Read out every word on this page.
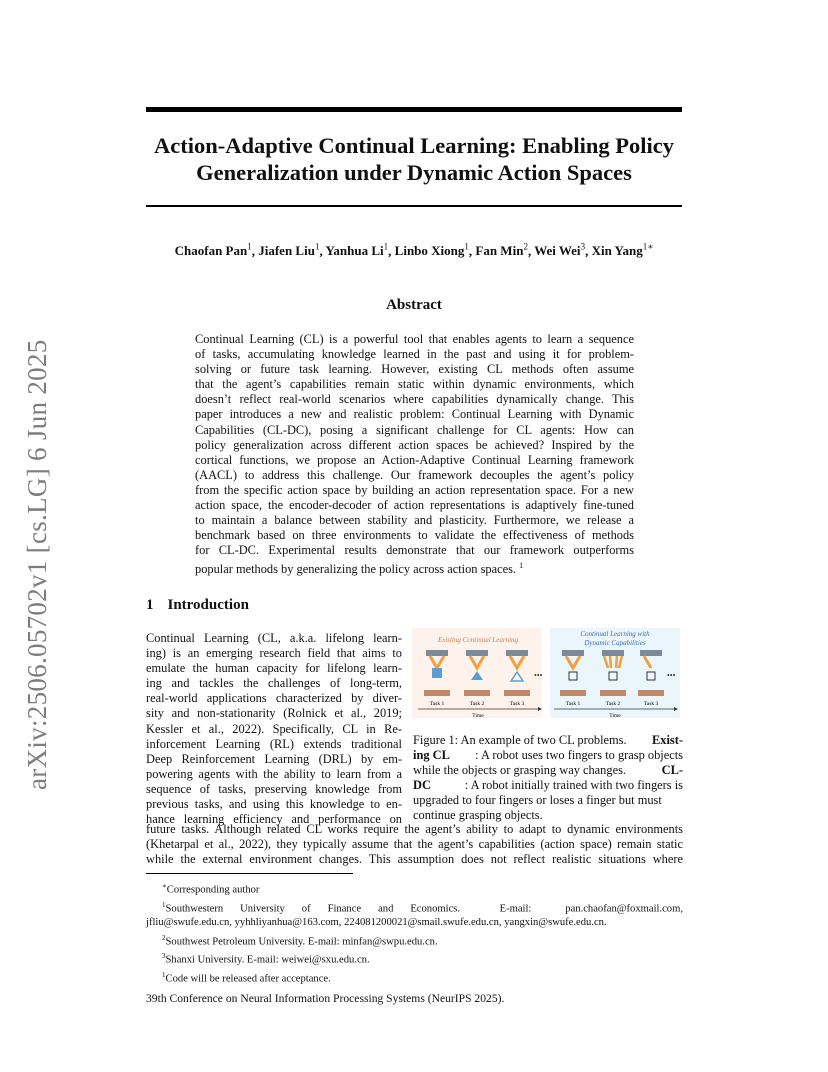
arXiv:2506.05702v1 [cs.LG] 6 Jun 2025
Action-Adaptive Continual Learning: Enabling Policy
Generalization under Dynamic Action Spaces
Chaofan Pan$^1$, Jiafen Liu$^1$, Yanhua Li$^1$, Linbo Xiong$^1$, Fan Min$^2$, Wei Wei$^3$, Xin Yang$^{1∗}$
Abstract
Continual Learning (CL) is a powerful tool that enables agents to learn a sequence
of tasks, accumulating knowledge learned in the past and using it for problem-
solving or future task learning. However, existing CL methods often assume
that the agent’s capabilities remain static within dynamic environments, which
doesn’t reflect real-world scenarios where capabilities dynamically change. This
paper introduces a new and realistic problem: Continual Learning with Dynamic
Capabilities (CL-DC), posing a significant challenge for CL agents: How can
policy generalization across different action spaces be achieved? Inspired by the
cortical functions, we propose an Action-Adaptive Continual Learning framework
(AACL) to address this challenge. Our framework decouples the agent’s policy
from the specific action space by building an action representation space. For a new
action space, the encoder-decoder of action representations is adaptively fine-tuned
to maintain a balance between stability and plasticity. Furthermore, we release a
benchmark based on three environments to validate the effectiveness of methods
for CL-DC. Experimental results demonstrate that our framework outperforms
popular methods by generalizing the policy across action spaces. $^1$
1 Introduction
Continual Learning (CL, a.k.a. lifelong learn-
ing) is an emerging research field that aims to
emulate the human capacity for lifelong learn-
ing and tackles the challenges of long-term,
real-world applications characterized by diver-
sity and non-stationarity (Rolnick et al., 2019;
Kessler et al., 2022). Specifically, CL in Re-
inforcement Learning (RL) extends traditional
Deep Reinforcement Learning (DRL) by em-
powering agents with the ability to learn from a
sequence of tasks, preserving knowledge from
previous tasks, and using this knowledge to en-
hance learning efficiency and performance on
Existing Continual Learning
Continual Learning with
Dynamic Capabilities
•••	•••
Task 1	Task 2	Task 3	Task 1	Task 2	Task 3
Time	Time
Figure 1: An example of two CL problems. Exist-
ing CL : A robot uses two fingers to grasp objects
while the objects or grasping way changes.	CL-
DC	: A robot initially trained with two fingers is
upgraded to four fingers or loses a finger but must
continue grasping objects.
future tasks. Although related CL works require the agent’s ability to adapt to dynamic environments
(Khetarpal et al., 2022), they typically assume that the agent’s capabilities (action space) remain static
while the external environment changes. This assumption does not reflect realistic situations where
∗Corresponding author
$^1$Southwestern   University   of   Finance   and   Economics.       E-mail:      pan.chaofan@foxmail.com,
jfliu@swufe.edu.cn, yyhhliyanhua@163.com, 224081200021@smail.swufe.edu.cn, yangxin@swufe.edu.cn.
$^2$Southwest Petroleum University. E-mail: minfan@swpu.edu.cn.
$^3$Shanxi University. E-mail: weiwei@sxu.edu.cn.
$^1$Code will be released after acceptance.
39th Conference on Neural Information Processing Systems (NeurIPS 2025).
